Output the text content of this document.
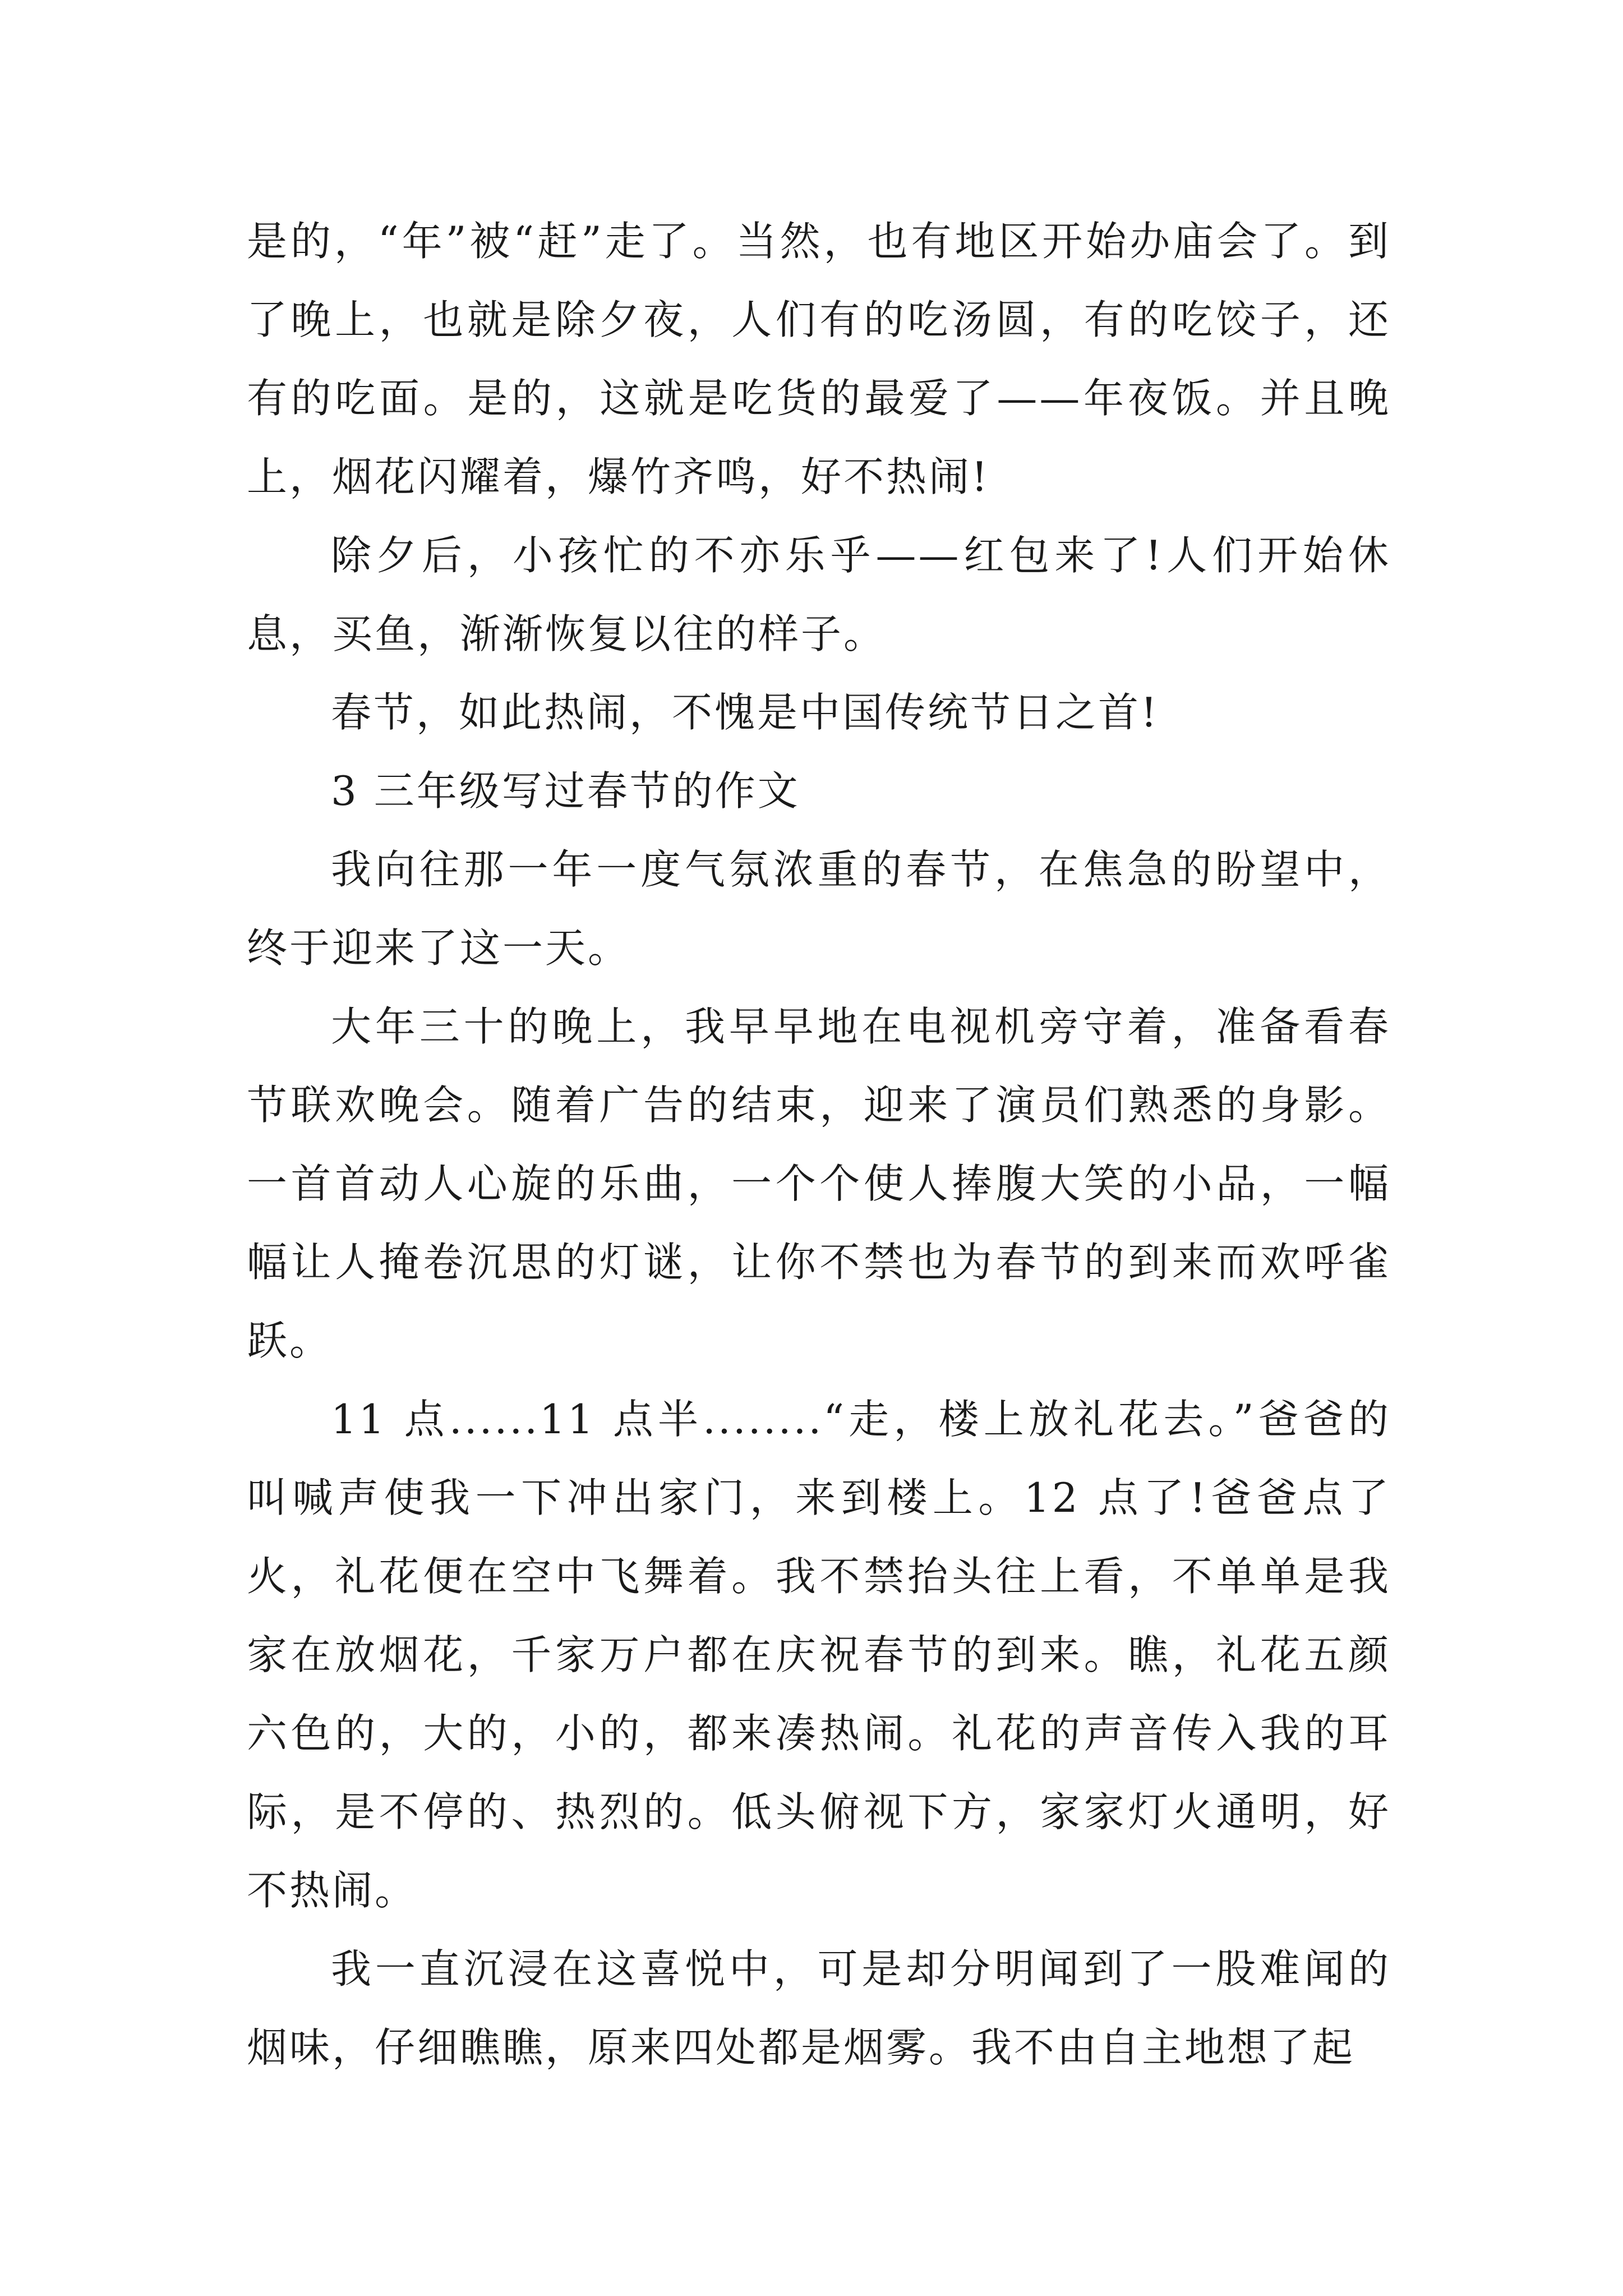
是的，“年”被“赶”走了。当然，也有地区开始办庙会了。到了晚上，也就是除夕夜，人们有的吃汤圆，有的吃饺子，还有的吃面。是的，这就是吃货的最爱了——年夜饭。并且晚上，烟花闪耀着，爆竹齐鸣，好不热闹!

除夕后，小孩忙的不亦乐乎——红包来了!人们开始休息，买鱼，渐渐恢复以往的样子。

春节，如此热闹，不愧是中国传统节日之首!

3 三年级写过春节的作文

我向往那一年一度气氛浓重的春节，在焦急的盼望中，终于迎来了这一天。

大年三十的晚上，我早早地在电视机旁守着，准备看春节联欢晚会。随着广告的结束，迎来了演员们熟悉的身影。一首首动人心旋的乐曲，一个个使人捧腹大笑的小品，一幅幅让人掩卷沉思的灯谜，让你不禁也为春节的到来而欢呼雀跃。

11 点......11 点半........“走，楼上放礼花去。”爸爸的叫喊声使我一下冲出家门，来到楼上。12 点了!爸爸点了火，礼花便在空中飞舞着。我不禁抬头往上看，不单单是我家在放烟花，千家万户都在庆祝春节的到来。瞧，礼花五颜六色的，大的，小的，都来凑热闹。礼花的声音传入我的耳际，是不停的、热烈的。低头俯视下方，家家灯火通明，好不热闹。

我一直沉浸在这喜悦中，可是却分明闻到了一股难闻的烟味，仔细瞧瞧，原来四处都是烟雾。我不由自主地想了起
